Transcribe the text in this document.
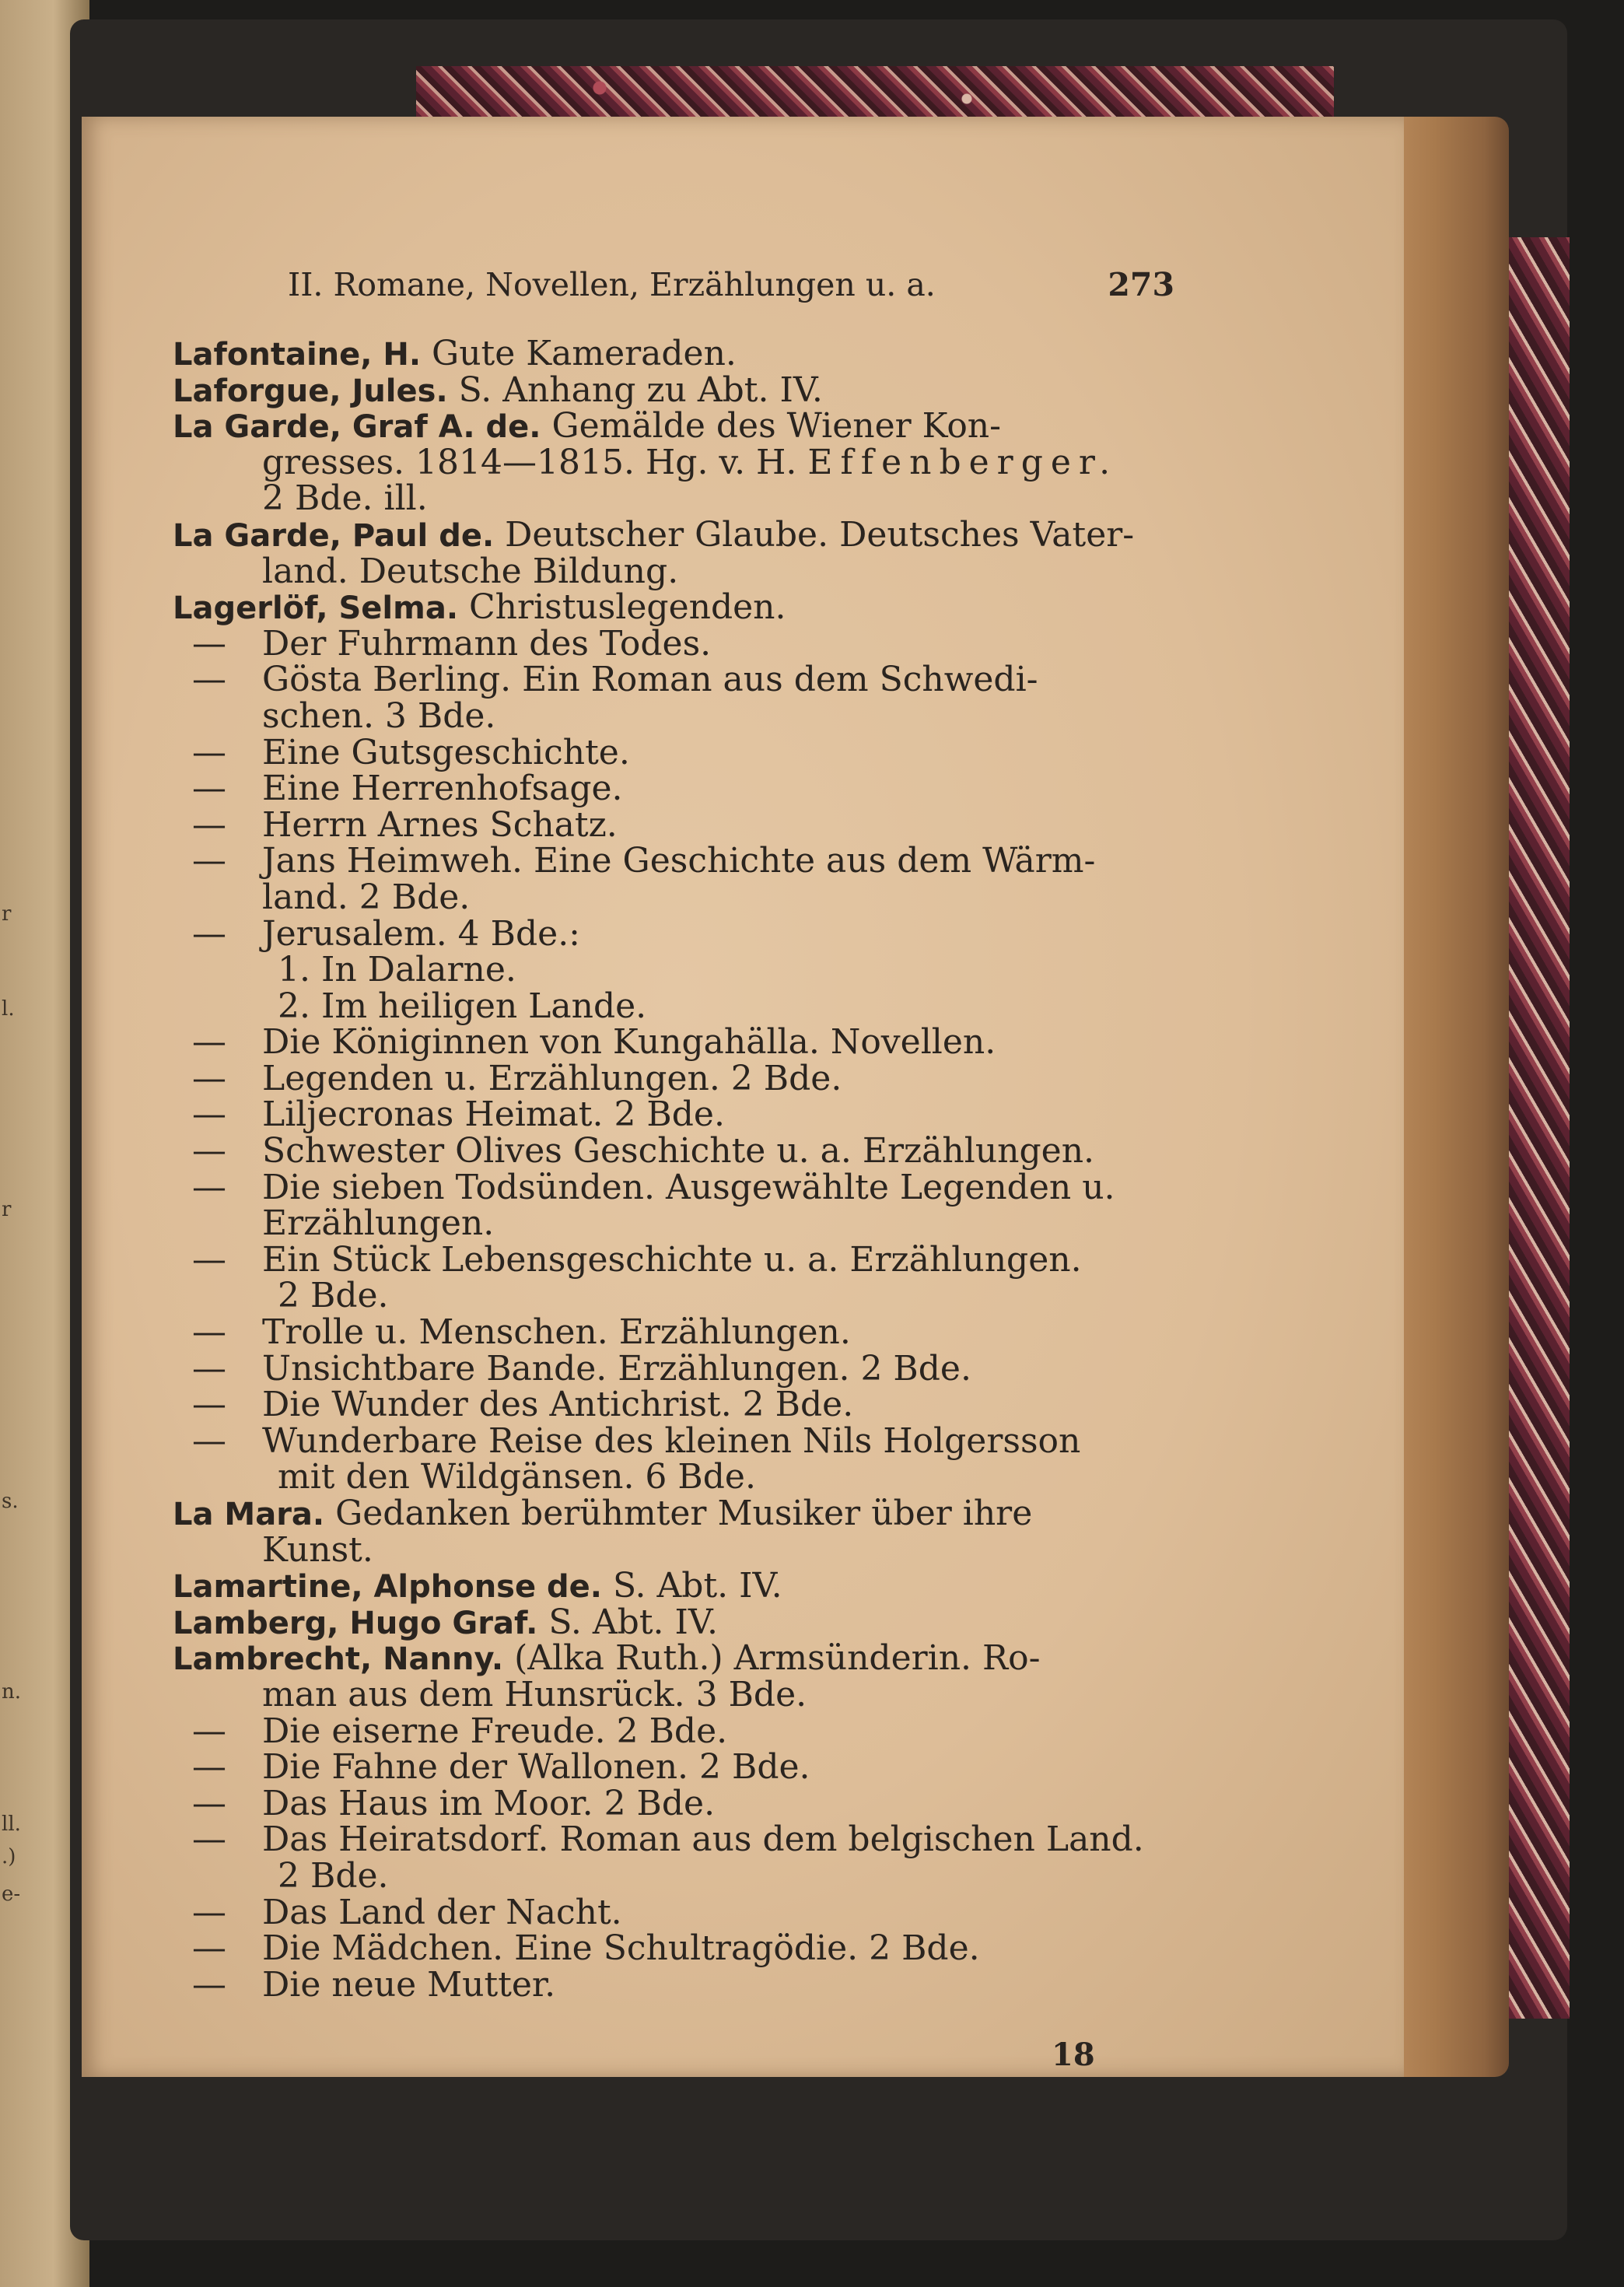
r
l.
r
s.
n.
ll.
.)
e-
II. Romane, Novellen, Erzählungen u. a.	273
Lafontaine, H. Gute Kameraden.
Laforgue, Jules. S. Anhang zu Abt. IV.
La Garde, Graf A. de. Gemälde des Wiener Kon-
gresses. 1814—1815. Hg. v. H. Effenberger.
2 Bde. ill.
La Garde, Paul de. Deutscher Glaube. Deutsches Vater-
land. Deutsche Bildung.
Lagerlöf, Selma. Christuslegenden.
— Der Fuhrmann des Todes.
— Gösta Berling. Ein Roman aus dem Schwedi-
schen. 3 Bde.
— Eine Gutsgeschichte.
— Eine Herrenhofsage.
— Herrn Arnes Schatz.
— Jans Heimweh. Eine Geschichte aus dem Wärm-
land. 2 Bde.
— Jerusalem. 4 Bde.:
1. In Dalarne.
2. Im heiligen Lande.
— Die Königinnen von Kungahälla. Novellen.
— Legenden u. Erzählungen. 2 Bde.
— Liljecronas Heimat. 2 Bde.
— Schwester Olives Geschichte u. a. Erzählungen.
— Die sieben Todsünden. Ausgewählte Legenden u.
Erzählungen.
— Ein Stück Lebensgeschichte u. a. Erzählungen.
2 Bde.
— Trolle u. Menschen. Erzählungen.
— Unsichtbare Bande. Erzählungen. 2 Bde.
— Die Wunder des Antichrist. 2 Bde.
— Wunderbare Reise des kleinen Nils Holgersson
mit den Wildgänsen. 6 Bde.
La Mara. Gedanken berühmter Musiker über ihre
Kunst.
Lamartine, Alphonse de. S. Abt. IV.
Lamberg, Hugo Graf. S. Abt. IV.
Lambrecht, Nanny. (Alka Ruth.) Armsünderin. Ro-
man aus dem Hunsrück. 3 Bde.
— Die eiserne Freude. 2 Bde.
— Die Fahne der Wallonen. 2 Bde.
— Das Haus im Moor. 2 Bde.
— Das Heiratsdorf. Roman aus dem belgischen Land.
2 Bde.
— Das Land der Nacht.
— Die Mädchen. Eine Schultragödie. 2 Bde.
— Die neue Mutter.
18
